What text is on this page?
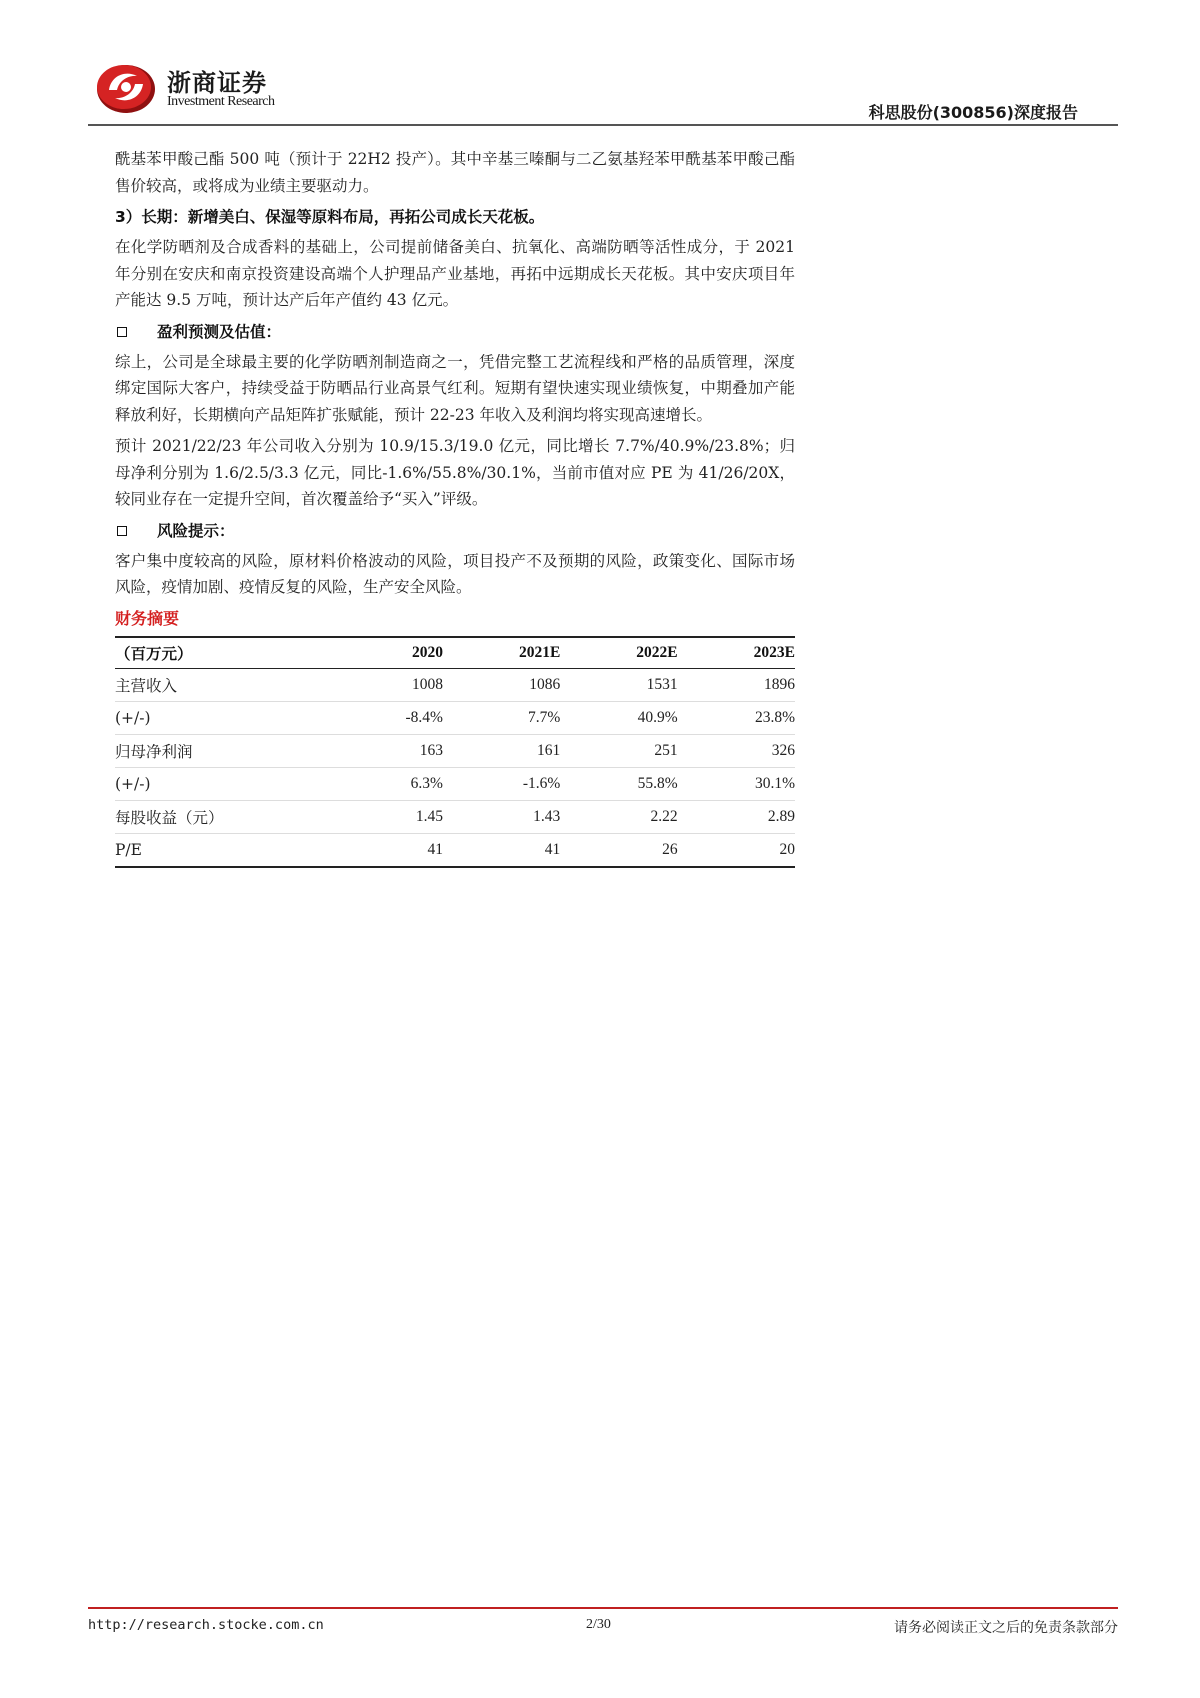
浙商证券
Investment Research
科思股份(300856)深度报告

酰基苯甲酸己酯 500 吨（预计于 22H2 投产）。其中辛基三嗪酮与二乙氨基羟苯甲酰基苯甲酸己酯售价较高，或将成为业绩主要驱动力。

3）长期：新增美白、保湿等原料布局，再拓公司成长天花板。

在化学防晒剂及合成香料的基础上，公司提前储备美白、抗氧化、高端防晒等活性成分，于 2021 年分别在安庆和南京投资建设高端个人护理品产业基地，再拓中远期成长天花板。其中安庆项目年产能达 9.5 万吨，预计达产后年产值约 43 亿元。

盈利预测及估值：

综上，公司是全球最主要的化学防晒剂制造商之一，凭借完整工艺流程线和严格的品质管理，深度绑定国际大客户，持续受益于防晒品行业高景气红利。短期有望快速实现业绩恢复，中期叠加产能释放利好，长期横向产品矩阵扩张赋能，预计 22-23 年收入及利润均将实现高速增长。

预计 2021/22/23 年公司收入分别为 10.9/15.3/19.0 亿元，同比增长 7.7%/40.9%/23.8%；归母净利分别为 1.6/2.5/3.3 亿元，同比-1.6%/55.8%/30.1%，当前市值对应 PE 为 41/26/20X，较同业存在一定提升空间，首次覆盖给予“买入”评级。

风险提示：

客户集中度较高的风险，原材料价格波动的风险，项目投产不及预期的风险，政策变化、国际市场风险，疫情加剧、疫情反复的风险，生产安全风险。

财务摘要
（百万元）	2020	2021E	2022E	2023E
主营收入	1008	1086	1531	1896
(+/-)	-8.4%	7.7%	40.9%	23.8%
归母净利润	163	161	251	326
(+/-)	6.3%	-1.6%	55.8%	30.1%
每股收益（元）	1.45	1.43	2.22	2.89
P/E	41	41	26	20
http://research.stocke.com.cn	2/30	请务必阅读正文之后的免责条款部分
